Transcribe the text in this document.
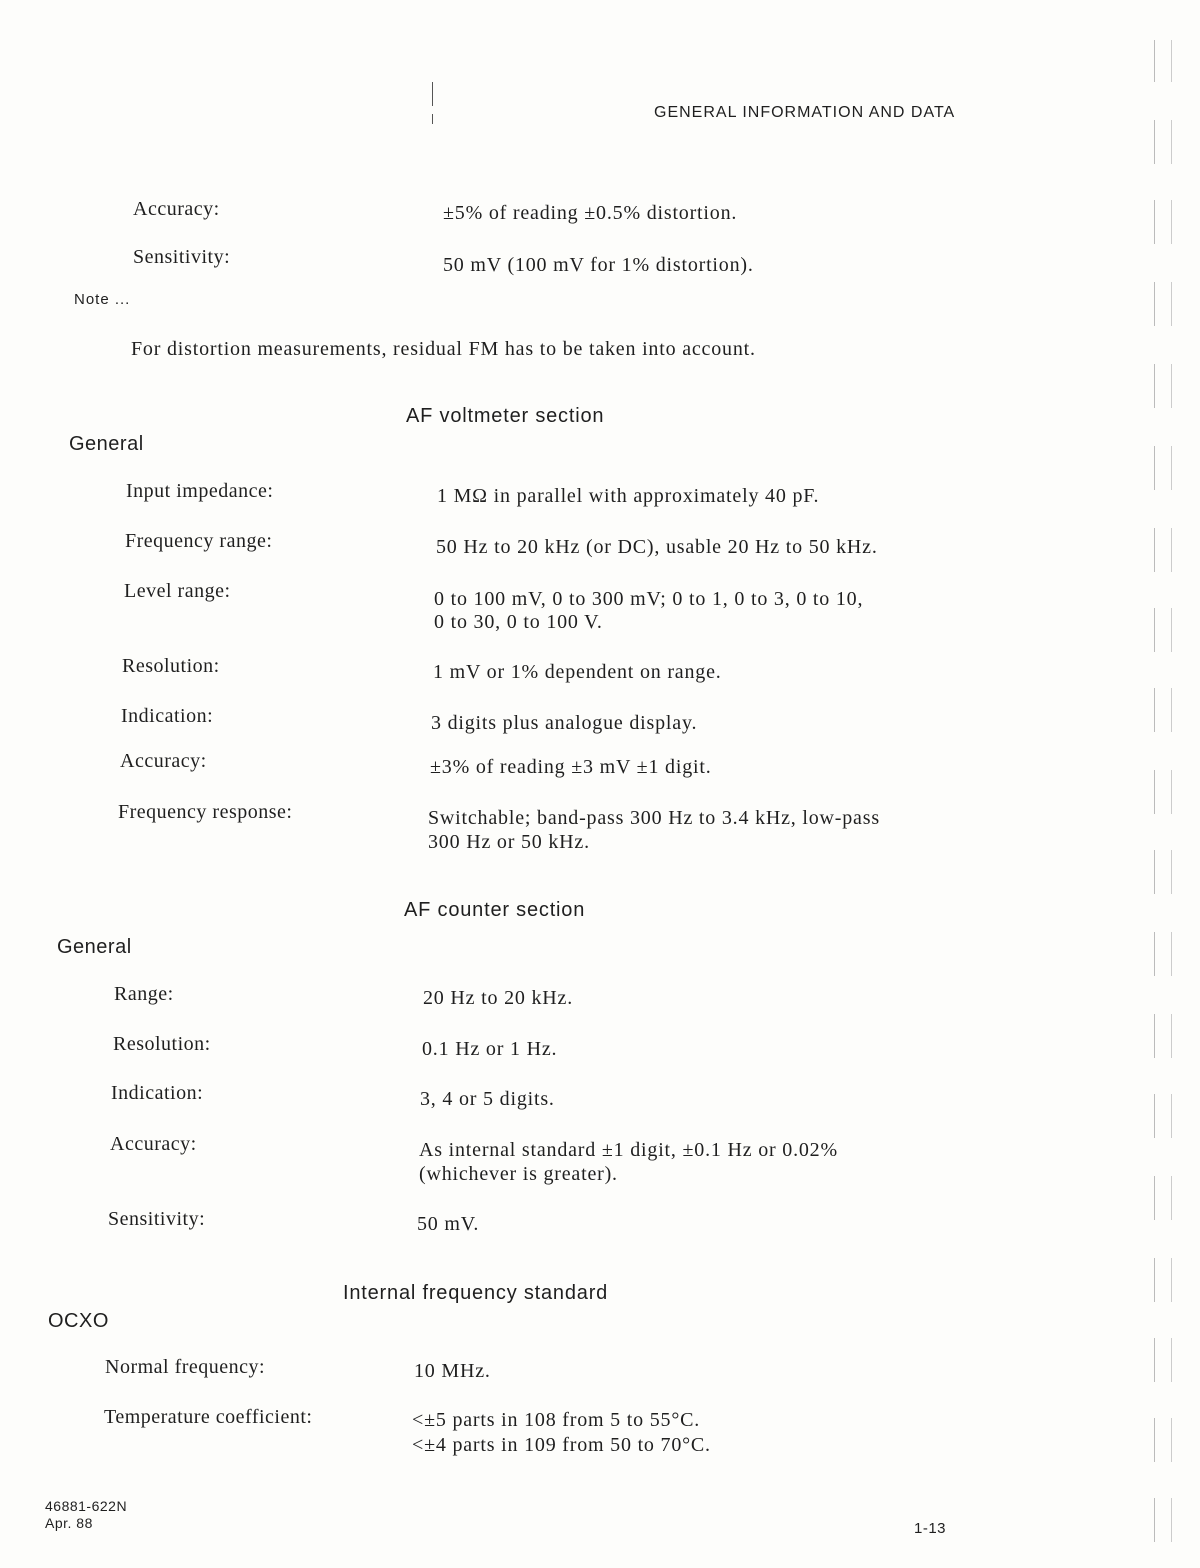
GENERAL INFORMATION AND DATA
Accuracy:	±5% of reading ±0.5% distortion.
Sensitivity:	50 mV (100 mV for 1% distortion).
Note ...
For distortion measurements, residual FM has to be taken into account.
AF voltmeter section
General
Input impedance:	1 MΩ in parallel with approximately 40 pF.
Frequency range:	50 Hz to 20 kHz (or DC), usable 20 Hz to 50 kHz.
Level range:	0 to 100 mV, 0 to 300 mV; 0 to 1, 0 to 3, 0 to 10,
0 to 30, 0 to 100 V.
Resolution:	1 mV or 1% dependent on range.
Indication:	3 digits plus analogue display.
Accuracy:	±3% of reading ±3 mV ±1 digit.
Frequency response:	Switchable; band-pass 300 Hz to 3.4 kHz, low-pass
300 Hz or 50 kHz.
AF counter section
General
Range:	20 Hz to 20 kHz.
Resolution:	0.1 Hz or 1 Hz.
Indication:	3, 4 or 5 digits.
Accuracy:	As internal standard ±1 digit, ±0.1 Hz or 0.02%
(whichever is greater).
Sensitivity:	50 mV.
Internal frequency standard
OCXO
Normal frequency:	10 MHz.
Temperature coefficient:	<±5 parts in 108 from 5 to 55°C.
<±4 parts in 109 from 50 to 70°C.
46881-622N
Apr. 88	1-13
